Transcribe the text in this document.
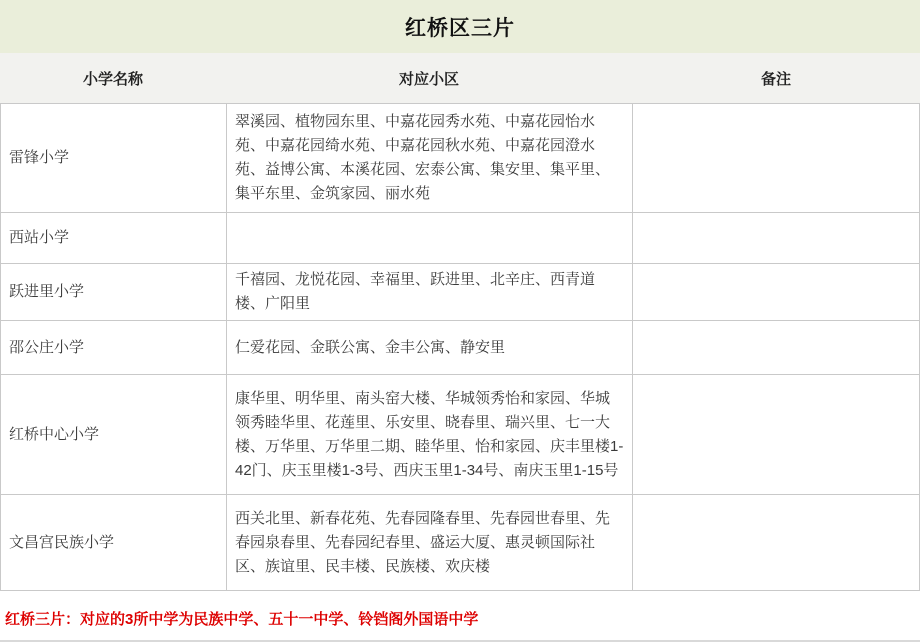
红桥区三片
小学名称	对应小区	备注
雷锋小学	翠溪园、植物园东里、中嘉花园秀水苑、中嘉花园怡水苑、中嘉花园绮水苑、中嘉花园秋水苑、中嘉花园澄水苑、益博公寓、本溪花园、宏泰公寓、集安里、集平里、集平东里、金筑家园、丽水苑	
西站小学		
跃进里小学	千禧园、龙悦花园、幸福里、跃进里、北辛庄、西青道楼、广阳里	
邵公庄小学	仁爱花园、金联公寓、金丰公寓、静安里	
红桥中心小学	康华里、明华里、南头窑大楼、华城领秀怡和家园、华城领秀睦华里、花莲里、乐安里、晓春里、瑞兴里、七一大楼、万华里、万华里二期、睦华里、怡和家园、庆丰里楼1-42门、庆玉里楼1-3号、西庆玉里1-34号、南庆玉里1-15号	
文昌宫民族小学	西关北里、新春花苑、先春园隆春里、先春园世春里、先春园泉春里、先春园纪春里、盛运大厦、惠灵顿国际社区、族谊里、民丰楼、民族楼、欢庆楼	
红桥三片：对应的3所中学为民族中学、五十一中学、铃铛阁外国语中学
